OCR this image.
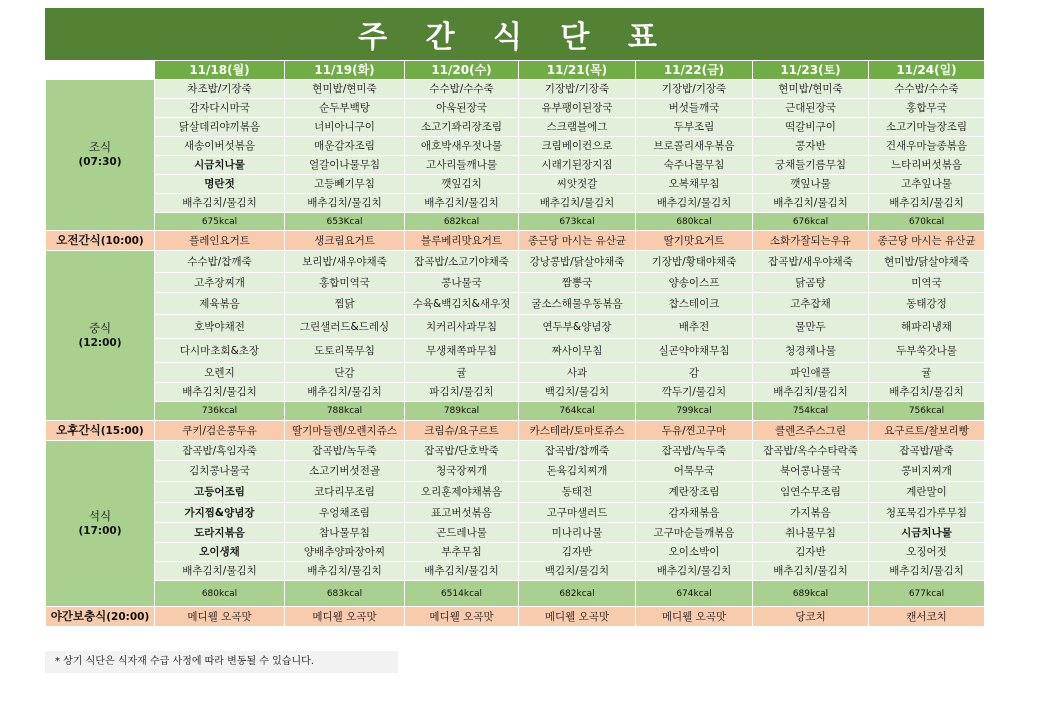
주 간 식 단 표
	11/18(월)	11/19(화)	11/20(수)	11/21(목)	11/22(금)	11/23(토)	11/24(일)

조식
(07:30)	차조밥/기장죽	현미밥/현미죽	수수밥/수수죽	기장밥/기장죽	기장밥/기장죽	현미밥/현미죽	수수밥/수수죽
	감자다시마국	순두부백탕	아욱된장국	유부팽이된장국	버섯들깨국	근대된장국	홍합무국
	닭살데리야끼볶음	너비아니구이	소고기꽈리장조림	스크램블에그	두부조림	떡갈비구이	소고기마늘장조림
	새송이버섯볶음	매운감자조림	애호박새우젓나물	크림베이컨으로	브로콜리새우볶음	콩자반	건새우마늘종볶음
	시금치나물	얼갈이나물무침	고사리들깨나물	시래기된장지짐	숙주나물무침	궁채들기름무침	느타리버섯볶음
	명란젓	고등빼기무침	깻잎김치	씨앗젓갈	오복채무침	깻잎나물	고추잎나물
	배추김치/물김치	배추김치/물김치	배추김치/물김치	배추김치/물김치	배추김치/물김치	배추김치/물김치	배추김치/물김치
	675kcal	653Kcal	682kcal	673kcal	680kcal	676kcal	670kcal
오전간식(10:00)	플레인요거트	생크림요거트	블루베리맛요거트	종근당 마시는 유산균	딸기맛요거트	소화가잘되는우유	종근당 마시는 유산균

중식
(12:00)	수수밥/찹깨죽	보리밥/새우야채죽	잡곡밥/소고기야채죽	강낭콩밥/닭살야채죽	기장밥/황태야채죽	잡곡밥/새우야채죽	현미밥/닭살야채죽
	고추장찌개	홍합미역국	콩나물국	짬뽕국	양송이스프	닭곰탕	미역국
	제육볶음	찜닭	수육&백김치&새우젓	굴소스해물우동볶음	찹스테이크	고추잡채	동태강정
	호박야채전	그린샐러드&드레싱	치커리사과무침	연두부&양념장	배추전	물만두	해파리냉채
	다시마초회&초장	도토리묵무침	무생채쪽파무침	짜사이무침	실곤약야채무침	청경채나물	두부쑥갓나물
	오렌지	단감	귤	사과	감	파인애플	귤
	배추김치/물김치	배추김치/물김치	파김치/물김치	백김치/물김치	깍두기/물김치	배추김치/물김치	배추김치/물김치
	736kcal	788kcal	789kcal	764kcal	799kcal	754kcal	756kcal
오후간식(15:00)	쿠키/검은콩두유	딸기마들렌/오렌지쥬스	크림슈/요구르트	카스테라/토마토쥬스	두유/찐고구마	클렌즈주스그린	요구르트/찰보리빵

석식
(17:00)	잡곡밥/흑임자죽	잡곡밥/녹두죽	잡곡밥/단호박죽	잡곡밥/찹깨죽	잡곡밥/녹두죽	잡곡밥/옥수수타락죽	잡곡밥/팥죽
	김치콩나물국	소고기버섯전골	청국장찌개	돈육김치찌개	어묵무국	북어콩나물국	콩비지찌개
	고등어조림	코다리무조림	오리훈제야채볶음	동태전	계란장조림	임연수무조림	계란말이
	가지찜&양념장	우엉채조림	표고버섯볶음	고구마샐러드	감자채볶음	가지볶음	청포묵김가루무침
	도라지볶음	참나물무침	곤드레나물	미나리나물	고구마순들깨볶음	취나물무침	시금치나물
	오이생채	양배추양파장아찌	부추무침	김자반	오이소박이	김자반	오징어젓
	배추김치/물김치	배추김치/물김치	배추김치/물김치	백김치/물김치	배추김치/물김치	배추김치/물김치	배추김치/물김치
	680kcal	683kcal	6514kcal	682kcal	674kcal	689kcal	677kcal
야간보충식(20:00)	메디웰 오곡맛	메디웰 오곡맛	메디웰 오곡맛	메디웰 오곡맛	메디웰 오곡맛	당코치	캔서코치
* 상기 식단은 식자재 수급 사정에 따라 변동될 수 있습니다.
